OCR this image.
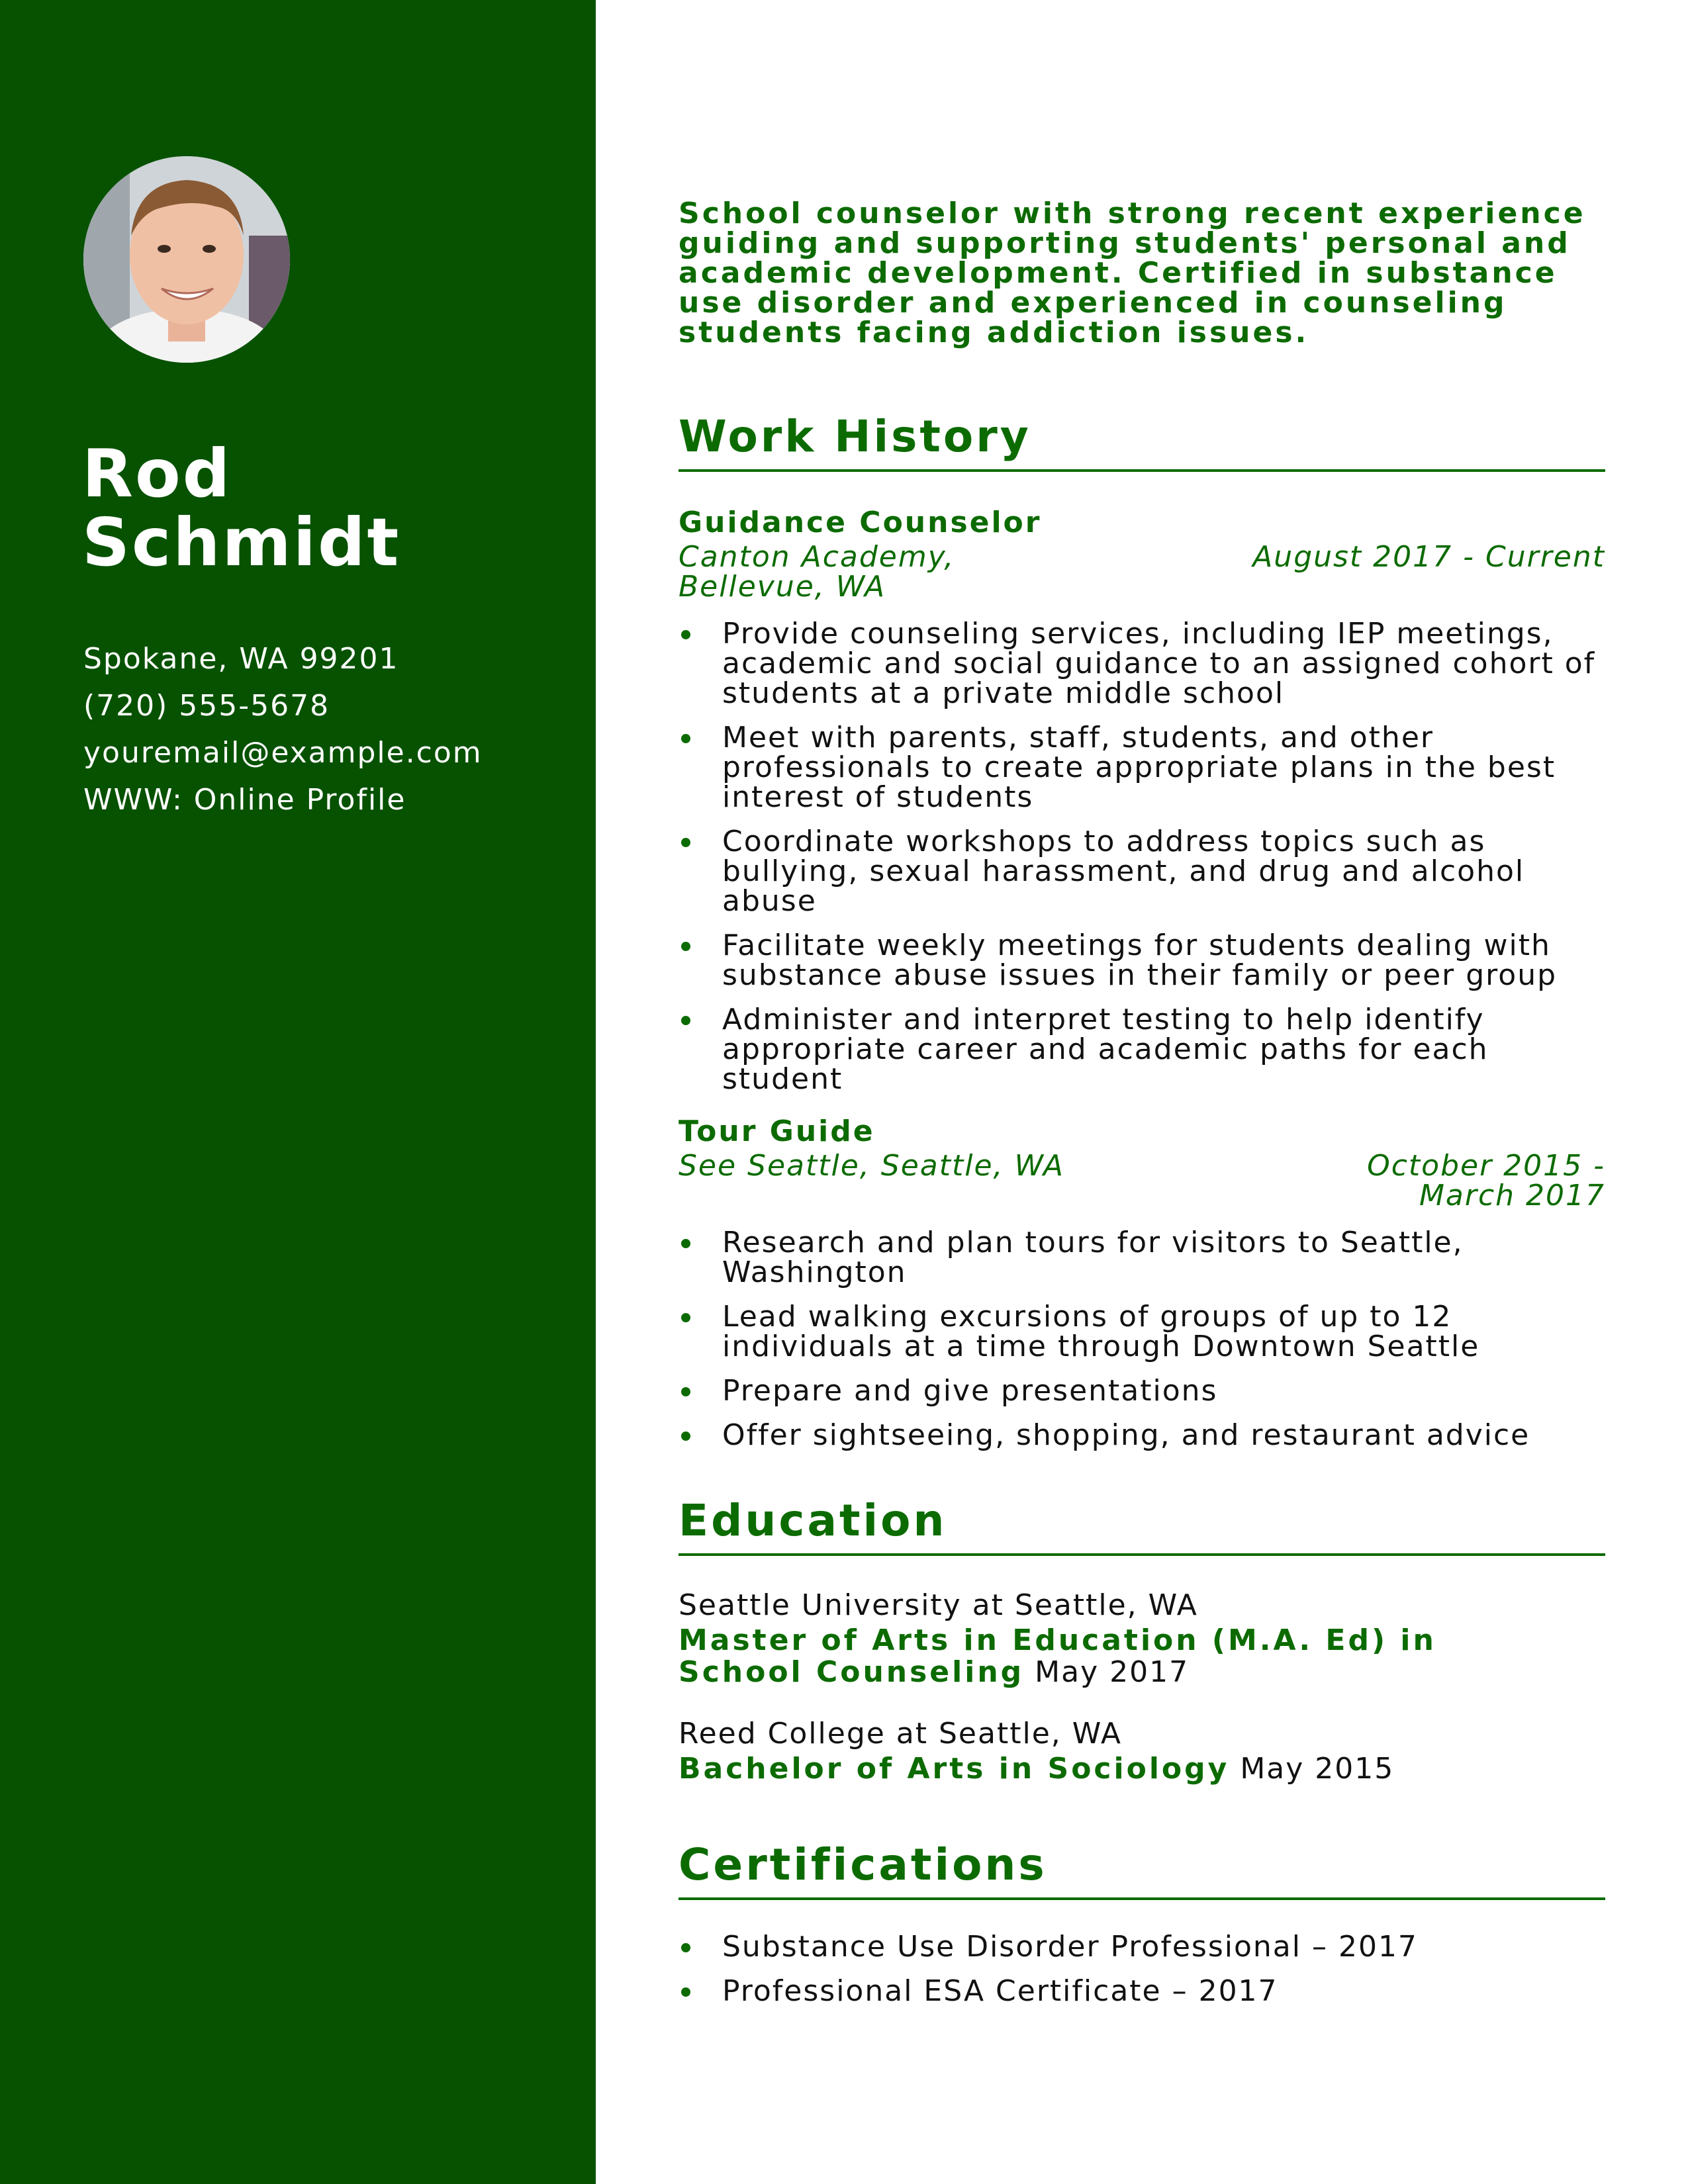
Rod
Schmidt
Spokane, WA 99201
(720) 555-5678
youremail@example.com
WWW: Online Profile

School counselor with strong recent experience guiding and supporting students' personal and academic development. Certified in substance use disorder and experienced in counseling students facing addiction issues.

Work History
Guidance Counselor
Canton Academy, Bellevue, WA
August 2017 - Current
Provide counseling services, including IEP meetings, academic and social guidance to an assigned cohort of students at a private middle school
Meet with parents, staff, students, and other professionals to create appropriate plans in the best interest of students
Coordinate workshops to address topics such as bullying, sexual harassment, and drug and alcohol abuse
Facilitate weekly meetings for students dealing with substance abuse issues in their family or peer group
Administer and interpret testing to help identify appropriate career and academic paths for each student
Tour Guide
See Seattle, Seattle, WA	October 2015 - March 2017
Research and plan tours for visitors to Seattle, Washington
Lead walking excursions of groups of up to 12 individuals at a time through Downtown Seattle
Prepare and give presentations
Offer sightseeing, shopping, and restaurant advice
Education
Seattle University at Seattle, WA
Master of Arts in Education (M.A. Ed) in School Counseling May 2017
Reed College at Seattle, WA
Bachelor of Arts in Sociology May 2015
Certifications
Substance Use Disorder Professional – 2017
Professional ESA Certificate – 2017
